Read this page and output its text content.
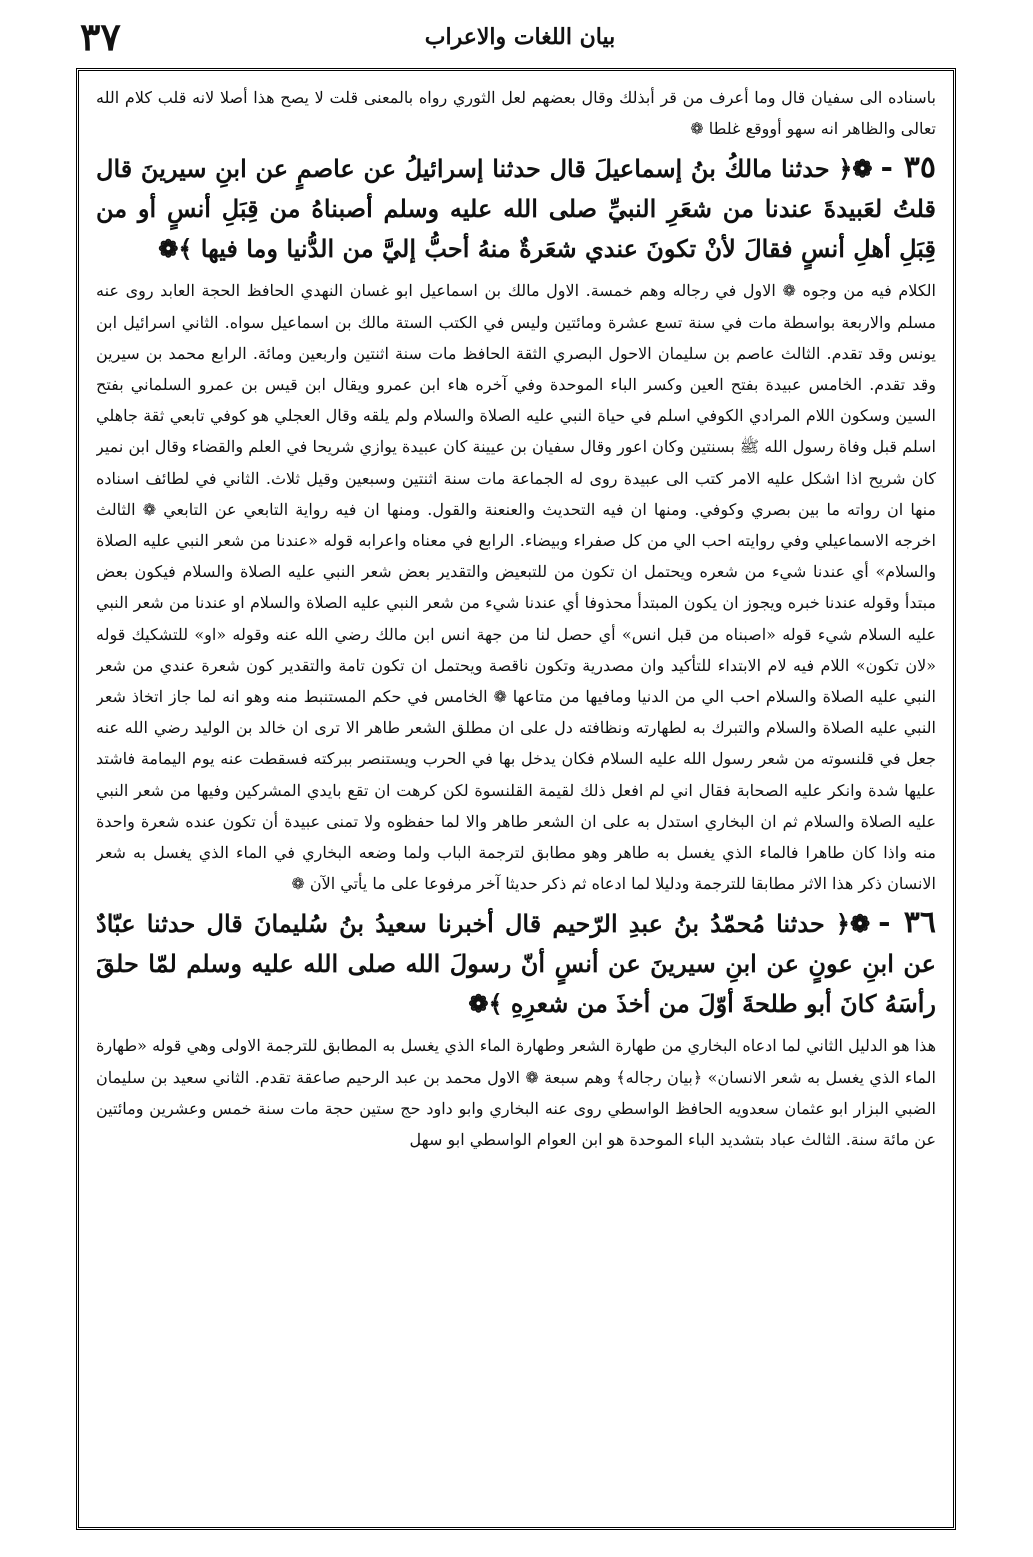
بيان اللغات والاعراب
٣٧

باسناده الى سفيان قال وما أعرف من قر أبذلك وقال بعضهم لعل الثوري رواه بالمعنى قلت لا يصح هذا أصلا لانه قلب كلام الله تعالى والظاهر انه سهو أووقع غلطا ❁

٣٥ -❁﴿ حدثنا مالكُ بنُ إسماعيلَ قال حدثنا إسرائيلُ عن عاصمٍ عن ابنِ سيرينَ قال قلتُ لعَبيدةَ عندنا من شعَرِ النبيِّ صلى الله عليه وسلم أصبناهُ من قِبَلِ أنسٍ أو من قِبَلِ أهلِ أنسٍ فقالَ لأنْ تكونَ عندي شعَرةٌ منهُ أحبُّ إليَّ من الدُّنيا وما فيها ﴾❁

الكلام فيه من وجوه ❁ الاول في رجاله وهم خمسة. الاول مالك بن اسماعيل ابو غسان النهدي الحافظ الحجة العابد روى عنه مسلم والاربعة بواسطة مات في سنة تسع عشرة ومائتين وليس في الكتب الستة مالك بن اسماعيل سواه. الثاني اسرائيل ابن يونس وقد تقدم. الثالث عاصم بن سليمان الاحول البصري الثقة الحافظ مات سنة اثنتين واربعين ومائة. الرابع محمد بن سيرين وقد تقدم. الخامس عبيدة بفتح العين وكسر الباء الموحدة وفي آخره هاء ابن عمرو ويقال ابن قيس بن عمرو السلماني بفتح السين وسكون اللام المرادي الكوفي اسلم في حياة النبي عليه الصلاة والسلام ولم يلقه وقال العجلي هو كوفي تابعي ثقة جاهلي اسلم قبل وفاة رسول الله ﷺ بسنتين وكان اعور وقال سفيان بن عيينة كان عبيدة يوازي شريحا في العلم والقضاء وقال ابن نمير كان شريح اذا اشكل عليه الامر كتب الى عبيدة روى له الجماعة مات سنة اثنتين وسبعين وقيل ثلاث. الثاني في لطائف اسناده منها ان رواته ما بين بصري وكوفي. ومنها ان فيه التحديث والعنعنة والقول. ومنها ان فيه رواية التابعي عن التابعي ❁ الثالث اخرجه الاسماعيلي وفي روايته احب الي من كل صفراء وبيضاء. الرابع في معناه واعرابه قوله «عندنا من شعر النبي عليه الصلاة والسلام» أي عندنا شيء من شعره ويحتمل ان تكون من للتبعيض والتقدير بعض شعر النبي عليه الصلاة والسلام فيكون بعض مبتدأ وقوله عندنا خبره ويجوز ان يكون المبتدأ محذوفا أي عندنا شيء من شعر النبي عليه الصلاة والسلام او عندنا من شعر النبي عليه السلام شيء قوله «اصبناه من قبل انس» أي حصل لنا من جهة انس ابن مالك رضي الله عنه وقوله «او» للتشكيك قوله «لان تكون» اللام فيه لام الابتداء للتأكيد وان مصدرية وتكون ناقصة ويحتمل ان تكون تامة والتقدير كون شعرة عندي من شعر النبي عليه الصلاة والسلام احب الي من الدنيا ومافيها من متاعها ❁ الخامس في حكم المستنبط منه وهو انه لما جاز اتخاذ شعر النبي عليه الصلاة والسلام والتبرك به لطهارته ونظافته دل على ان مطلق الشعر طاهر الا ترى ان خالد بن الوليد رضي الله عنه جعل في قلنسوته من شعر رسول الله عليه السلام فكان يدخل بها في الحرب ويستنصر ببركته فسقطت عنه يوم اليمامة فاشتد عليها شدة وانكر عليه الصحابة فقال اني لم افعل ذلك لقيمة القلنسوة لكن كرهت ان تقع بايدي المشركين وفيها من شعر النبي عليه الصلاة والسلام ثم ان البخاري استدل به على ان الشعر طاهر والا لما حفظوه ولا تمنى عبيدة أن تكون عنده شعرة واحدة منه واذا كان طاهرا فالماء الذي يغسل به طاهر وهو مطابق لترجمة الباب ولما وضعه البخاري في الماء الذي يغسل به شعر الانسان ذكر هذا الاثر مطابقا للترجمة ودليلا لما ادعاه ثم ذكر حديثا آخر مرفوعا على ما يأتي الآن ❁

٣٦ -❁﴿ حدثنا مُحمّدُ بنُ عبدِ الرّحيم قال أخبرنا سعيدُ بنُ سُليمانَ قال حدثنا عبّادٌ عن ابنِ عونٍ عن ابنِ سيرينَ عن أنسٍ أنّ رسولَ الله صلى الله عليه وسلم لمّا حلقَ رأسَهُ كانَ أبو طلحةَ أوّلَ من أخذَ من شعرِهِ ﴾❁

هذا هو الدليل الثاني لما ادعاه البخاري من طهارة الشعر وطهارة الماء الذي يغسل به المطابق للترجمة الاولى وهي قوله «طهارة الماء الذي يغسل به شعر الانسان» ﴿بيان رجاله﴾ وهم سبعة ❁ الاول محمد بن عبد الرحيم صاعقة تقدم. الثاني سعيد بن سليمان الضبي البزار ابو عثمان سعدويه الحافظ الواسطي روى عنه البخاري وابو داود حج ستين حجة مات سنة خمس وعشرين ومائتين عن مائة سنة. الثالث عباد بتشديد الباء الموحدة هو ابن العوام الواسطي ابو سهل
